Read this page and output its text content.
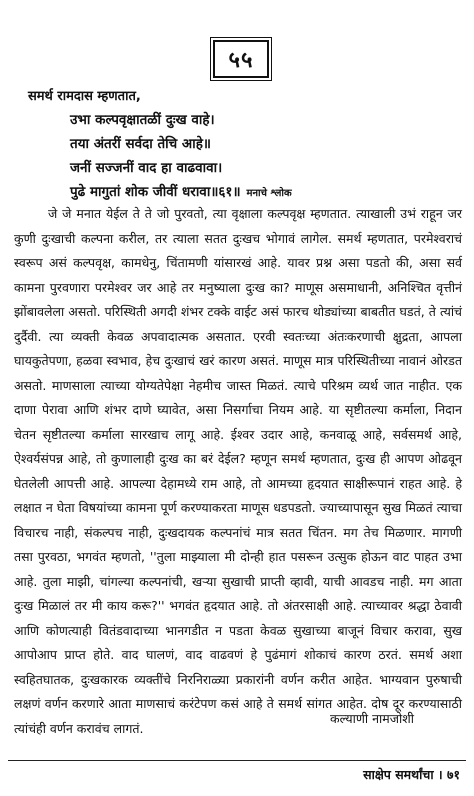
५५
समर्थ रामदास म्हणतात,
उभा कल्पवृक्षातळीं दुःख वाहे।
तया अंतरीं सर्वदा तेचि आहे॥
जनीं सज्जनीं वाद हा वाढवावा।
पुढे मागुतां शोक जीवीं धरावा॥६१॥ मनाचे श्लोक
जे जे मनात येईल ते ते जो पुरवतो, त्या वृक्षाला कल्पवृक्ष म्हणतात. त्याखाली उभं राहून जर कुणी दुःखाची कल्पना करील, तर त्याला सतत दुःखच भोगावं लागेल. समर्थ म्हणतात, परमेश्वराचं स्वरूप असं कल्पवृक्ष, कामधेनु, चिंतामणी यांसारखं आहे. यावर प्रश्न असा पडतो की, असा सर्व कामना पुरवणारा परमेश्वर जर आहे तर मनुष्याला दुःख का? माणूस असमाधानी, अनिश्चित वृत्तीनं झोंबावलेला असतो. परिस्थिती अगदी शंभर टक्के वाईट असं फारच थोड्यांच्या बाबतीत घडतं, ते त्यांचं दुर्दैवी. त्या व्यक्ती केवळ अपवादात्मक असतात. एरवी स्वतःच्या अंतःकरणाची क्षुद्रता, आपला घायकुतेपणा, हळवा स्वभाव, हेच दुःखाचं खरं कारण असतं. माणूस मात्र परिस्थितीच्या नावानं ओरडत असतो. माणसाला त्याच्या योग्यतेपेक्षा नेहमीच जास्त मिळतं. त्याचे परिश्रम व्यर्थ जात नाहीत. एक दाणा पेरावा आणि शंभर दाणे घ्यावेत, असा निसर्गाचा नियम आहे. या सृष्टीतल्या कर्माला, निदान चेतन सृष्टीतल्या कर्माला सारखाच लागू आहे. ईश्वर उदार आहे, कनवाळू आहे, सर्वसमर्थ आहे, ऐश्वर्यसंपन्न आहे, तो कुणालाही दुःख का बरं देईल? म्हणून समर्थ म्हणतात, दुःख ही आपण ओढवून घेतलेली आपत्ती आहे. आपल्या देहामध्ये राम आहे, तो आमच्या हृदयात साक्षीरूपानं राहत आहे. हे लक्षात न घेता विषयांच्या कामना पूर्ण करण्याकरता माणूस धडपडतो. ज्याच्यापासून सुख मिळतं त्याचा विचारच नाही, संकल्पच नाही, दुःखदायक कल्पनांचं मात्र सतत चिंतन. मग तेच मिळणार. मागणी तसा पुरवठा, भगवंत म्हणतो, ''तुला माझ्याला मी दोन्ही हात पसरून उत्सुक होऊन वाट पाहत उभा आहे. तुला माझी, चांगल्या कल्पनांची, खऱ्या सुखाची प्राप्ती व्हावी, याची आवडच नाही. मग आता दुःख मिळालं तर मी काय करू?'' भगवंत हृदयात आहे. तो अंतरसाक्षी आहे. त्याच्यावर श्रद्धा ठेवावी आणि कोणत्याही वितंडवादाच्या भानगडीत न पडता केवळ सुखाच्या बाजूनं विचार करावा, सुख आपोआप प्राप्त होते. वाद घालणं, वाद वाढवणं हे पुढंमागं शोकाचं कारण ठरतं. समर्थ अशा स्वहितघातक, दुःखकारक व्यक्तींचे निरनिराळ्या प्रकारांनी वर्णन करीत आहेत. भाग्यवान पुरुषाची लक्षणं वर्णन करणारे आता माणसाचं करंटेपण कसं आहे ते समर्थ सांगत आहेत. दोष दूर करण्यासाठी त्यांचंही वर्णन करावंच लागतं.
कल्याणी नामजोशी
साक्षेप समर्थांचा । ७१
